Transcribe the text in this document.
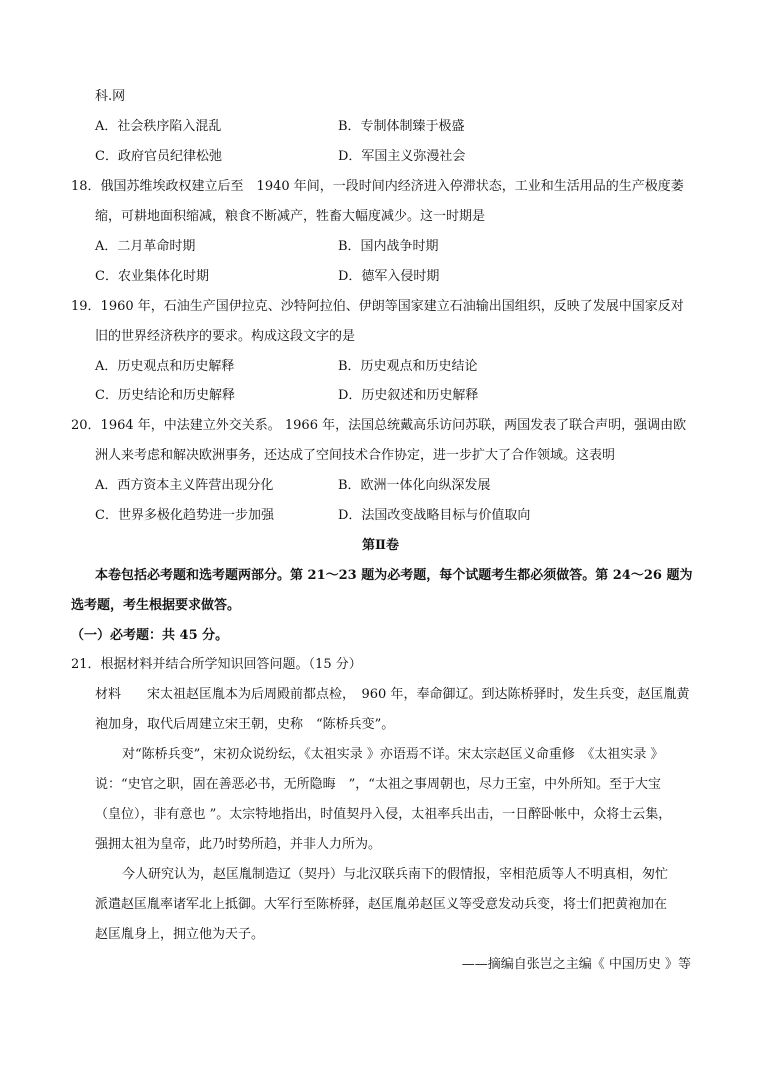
科.网
A．社会秩序陷入混乱	B．专制体制臻于极盛
C．政府官员纪律松弛	D．军国主义弥漫社会
18．俄国苏维埃政权建立后至　1940 年间，一段时间内经济进入停滞状态，工业和生活用品的生产极度萎
缩，可耕地面积缩减，粮食不断减产，牲畜大幅度减少。这一时期是
A．二月革命时期	B．国内战争时期
C．农业集体化时期	D．德军入侵时期
19．1960 年，石油生产国伊拉克、沙特阿拉伯、伊朗等国家建立石油输出国组织，反映了发展中国家反对
旧的世界经济秩序的要求。构成这段文字的是
A．历史观点和历史解释	B．历史观点和历史结论
C．历史结论和历史解释	D．历史叙述和历史解释
20．1964 年，中法建立外交关系。 1966 年，法国总统戴高乐访问苏联，两国发表了联合声明，强调由欧
洲人来考虑和解决欧洲事务，还达成了空间技术合作协定，进一步扩大了合作领域。这表明
A．西方资本主义阵营出现分化	B．欧洲一体化向纵深发展
C．世界多极化趋势进一步加强	D．法国改变战略目标与价值取向
第Ⅱ卷
本卷包括必考题和选考题两部分。第 21～23 题为必考题，每个试题考生都必须做答。第 24～26 题为
选考题，考生根据要求做答。
（一）必考题：共 45 分。
21．根据材料并结合所学知识回答问题。（15 分）
材料　　宋太祖赵匡胤本为后周殿前都点检，　960 年，奉命御辽。到达陈桥驿时，发生兵变，赵匡胤黄
袍加身，取代后周建立宋王朝，史称　“陈桥兵变”。
对“陈桥兵变”，宋初众说纷纭，《太祖实录 》亦语焉不详。宋太宗赵匡义命重修　《太祖实录 》
说：“史官之职，固在善恶必书，无所隐晦　”，“太祖之事周朝也，尽力王室，中外所知。至于大宝
（皇位），非有意也 ”。太宗特地指出，时值契丹入侵，太祖率兵出击，一日醉卧帐中，众将士云集，
强拥太祖为皇帝，此乃时势所趋，并非人力所为。
今人研究认为，赵匡胤制造辽（契丹）与北汉联兵南下的假情报，宰相范质等人不明真相，匆忙
派遣赵匡胤率诸军北上抵御。大军行至陈桥驿，赵匡胤弟赵匡义等受意发动兵变，将士们把黄袍加在
赵匡胤身上，拥立他为天子。
——摘编自张岂之主编《 中国历史 》等
